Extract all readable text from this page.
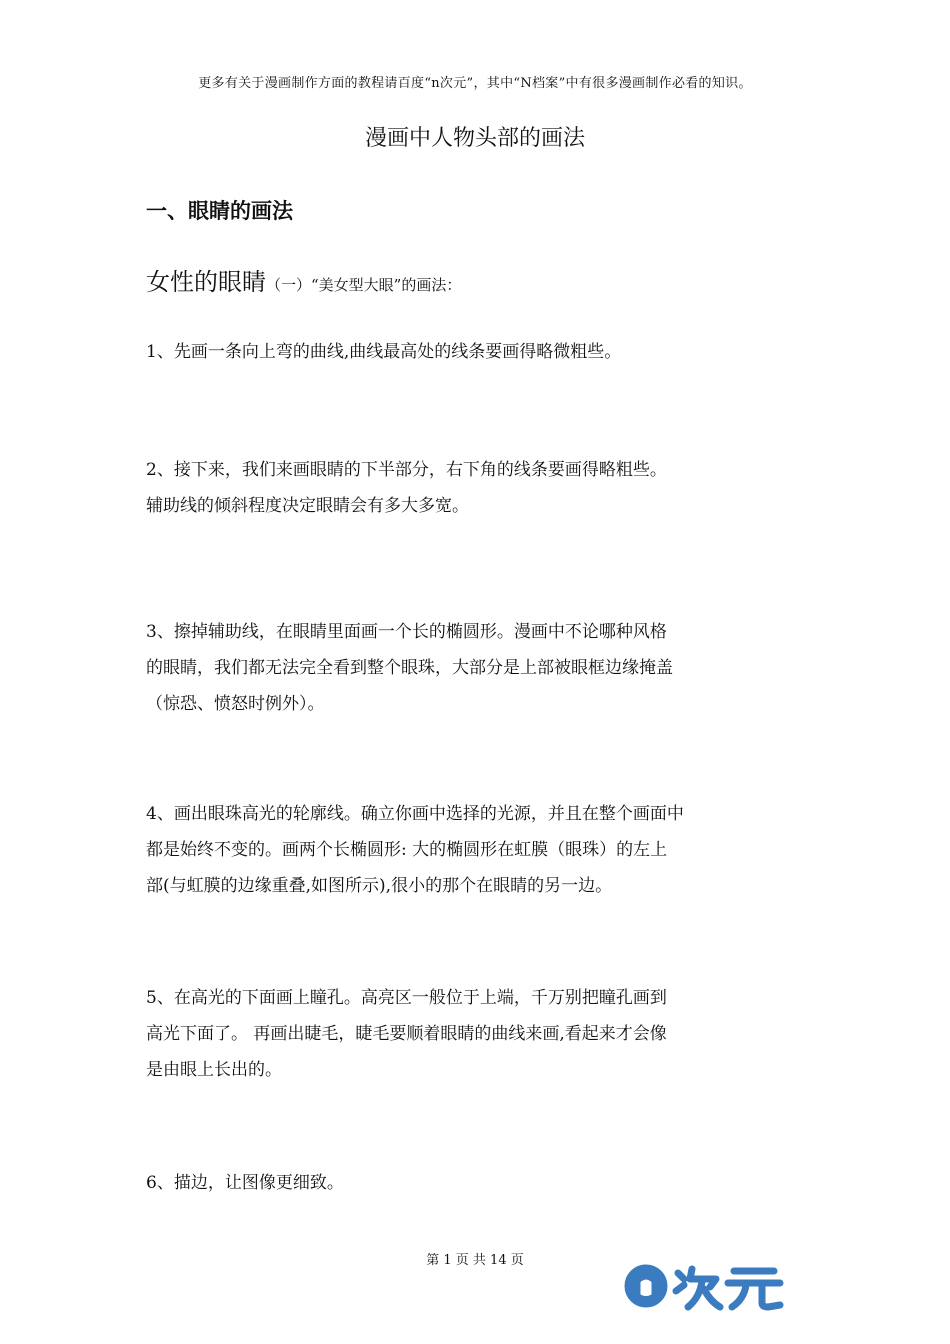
更多有关于漫画制作方面的教程请百度“n次元”，其中“N档案”中有很多漫画制作必看的知识。
漫画中人物头部的画法
一、眼睛的画法
女性的眼睛（一）“美女型大眼”的画法：
1、先画一条向上弯的曲线,曲线最高处的线条要画得略微粗些。
2、接下来，我们来画眼睛的下半部分，右下角的线条要画得略粗些。
辅助线的倾斜程度决定眼睛会有多大多宽。
3、擦掉辅助线，在眼睛里面画一个长的椭圆形。漫画中不论哪种风格
的眼睛，我们都无法完全看到整个眼珠，大部分是上部被眼框边缘掩盖
（惊恐、愤怒时例外）。
4、画出眼珠高光的轮廓线。确立你画中选择的光源，并且在整个画面中
都是始终不变的。画两个长椭圆形: 大的椭圆形在虹膜（眼珠）的左上
部(与虹膜的边缘重叠,如图所示),很小的那个在眼睛的另一边。
5、在高光的下面画上瞳孔。高亮区一般位于上端，千万别把瞳孔画到
高光下面了。 再画出睫毛，睫毛要顺着眼睛的曲线来画,看起来才会像
是由眼上长出的。
6、描边，让图像更细致。
第 1 页 共 14 页
